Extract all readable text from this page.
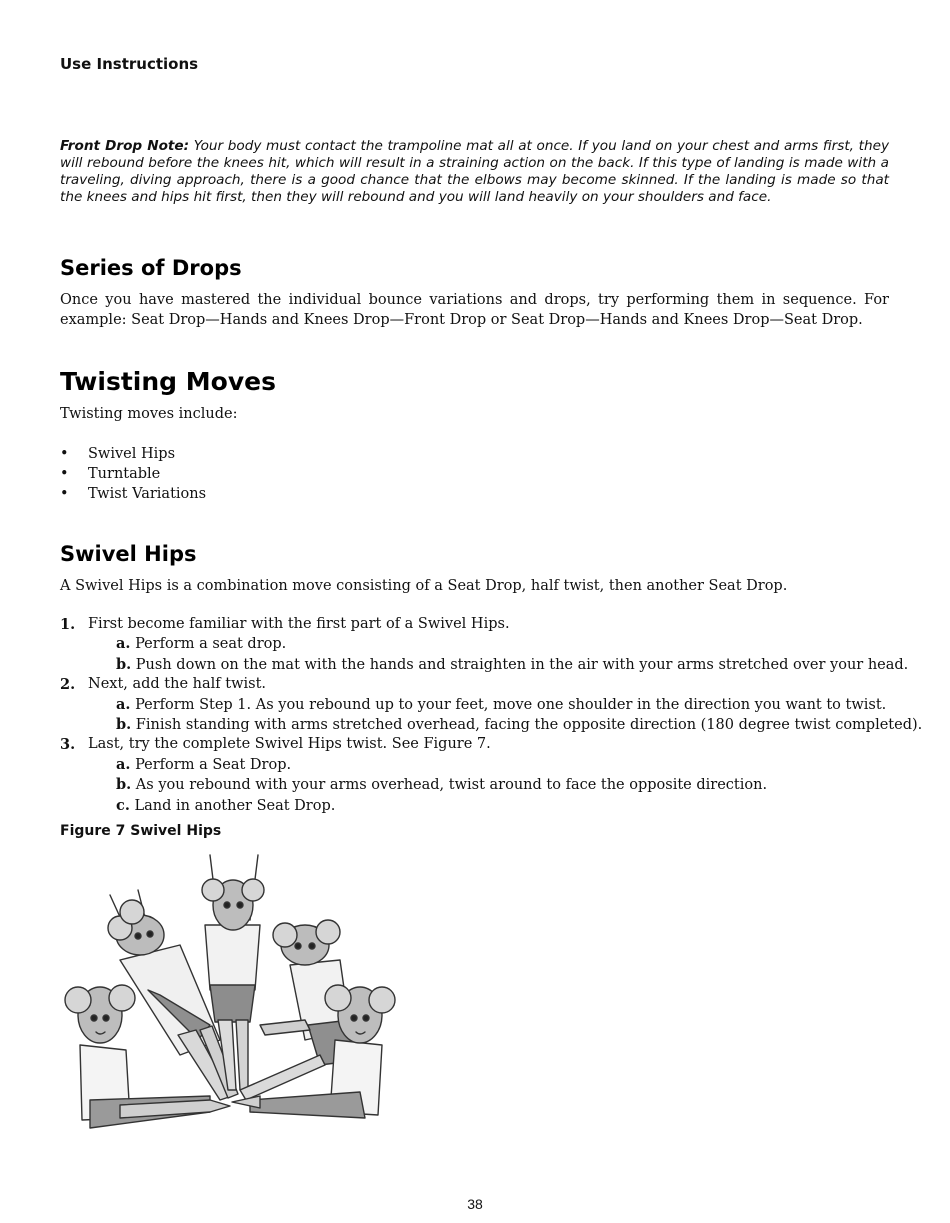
Use Instructions

Front Drop Note: Your body must contact the trampoline mat all at once. If you land on your chest and arms first, they will rebound before the knees hit, which will result in a straining action on the back. If this type of landing is made with a traveling, diving approach, there is a good chance that the elbows may become skinned. If the landing is made so that the knees and hips hit first, then they will rebound and you will land heavily on your shoulders and face.

Series of Drops

Once you have mastered the individual bounce variations and drops, try performing them in sequence. For example: Seat Drop—Hands and Knees Drop—Front Drop or Seat Drop—Hands and Knees Drop—Seat Drop.

Twisting Moves

Twisting moves include:

• Swivel Hips
• Turntable
• Twist Variations
Swivel Hips

A Swivel Hips is a combination move consisting of a Seat Drop, half twist, then another Seat Drop.

1. First become familiar with the first part of a Swivel Hips.
a. Perform a seat drop.
b. Push down on the mat with the hands and straighten in the air with your arms stretched over your head.
2. Next, add the half twist.
a. Perform Step 1. As you rebound up to your feet, move one shoulder in the direction you want to twist.
b. Finish standing with arms stretched overhead, facing the opposite direction (180 degree twist completed).
3. Last, try the complete Swivel Hips twist. See Figure 7.
a. Perform a Seat Drop.
b. As you rebound with your arms overhead, twist around to face the opposite direction.
c. Land in another Seat Drop.

Figure 7 Swivel Hips

38
